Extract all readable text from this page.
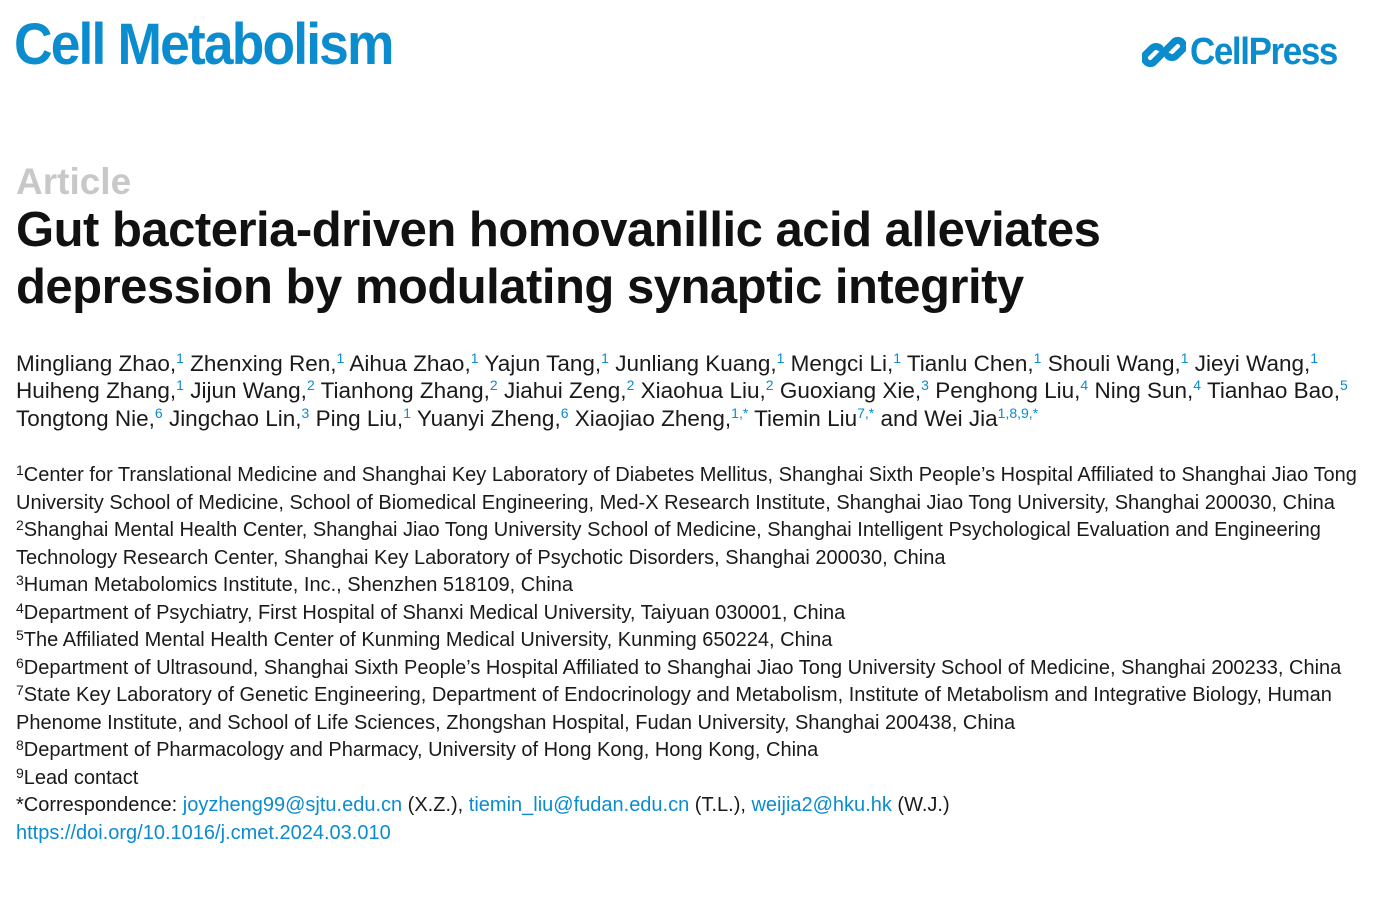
Cell Metabolism	CellPress
Article
Gut bacteria-driven homovanillic acid alleviates depression by modulating synaptic integrity

Mingliang Zhao,$^1$ Zhenxing Ren,$^1$ Aihua Zhao,$^1$ Yajun Tang,$^1$ Junliang Kuang,$^1$ Mengci Li,$^1$ Tianlu Chen,$^1$ Shouli Wang,$^1$ Jieyi Wang,$^1$ Huiheng Zhang,$^1$ Jijun Wang,$^2$ Tianhong Zhang,$^2$ Jiahui Zeng,$^2$ Xiaohua Liu,$^2$ Guoxiang Xie,$^3$ Penghong Liu,$^4$ Ning Sun,$^4$ Tianhao Bao,$^5$ Tongtong Nie,$^6$ Jingchao Lin,$^3$ Ping Liu,$^1$ Yuanyi Zheng,$^6$ Xiaojiao Zheng,$^{1,*}$ Tiemin Liu$^{7,*}$ and Wei Jia$^{1,8,9,*}$

$^1$Center for Translational Medicine and Shanghai Key Laboratory of Diabetes Mellitus, Shanghai Sixth People’s Hospital Affiliated to Shanghai Jiao Tong University School of Medicine, School of Biomedical Engineering, Med-X Research Institute, Shanghai Jiao Tong University, Shanghai 200030, China

$^2$Shanghai Mental Health Center, Shanghai Jiao Tong University School of Medicine, Shanghai Intelligent Psychological Evaluation and Engineering Technology Research Center, Shanghai Key Laboratory of Psychotic Disorders, Shanghai 200030, China

$^3$Human Metabolomics Institute, Inc., Shenzhen 518109, China

$^4$Department of Psychiatry, First Hospital of Shanxi Medical University, Taiyuan 030001, China

$^5$The Affiliated Mental Health Center of Kunming Medical University, Kunming 650224, China

$^6$Department of Ultrasound, Shanghai Sixth People’s Hospital Affiliated to Shanghai Jiao Tong University School of Medicine, Shanghai 200233, China

$^7$State Key Laboratory of Genetic Engineering, Department of Endocrinology and Metabolism, Institute of Metabolism and Integrative Biology, Human Phenome Institute, and School of Life Sciences, Zhongshan Hospital, Fudan University, Shanghai 200438, China

$^8$Department of Pharmacology and Pharmacy, University of Hong Kong, Hong Kong, China

$^9$Lead contact

*Correspondence: joyzheng99@sjtu.edu.cn (X.Z.), tiemin_liu@fudan.edu.cn (T.L.), weijia2@hku.hk (W.J.)

https://doi.org/10.1016/j.cmet.2024.03.010
